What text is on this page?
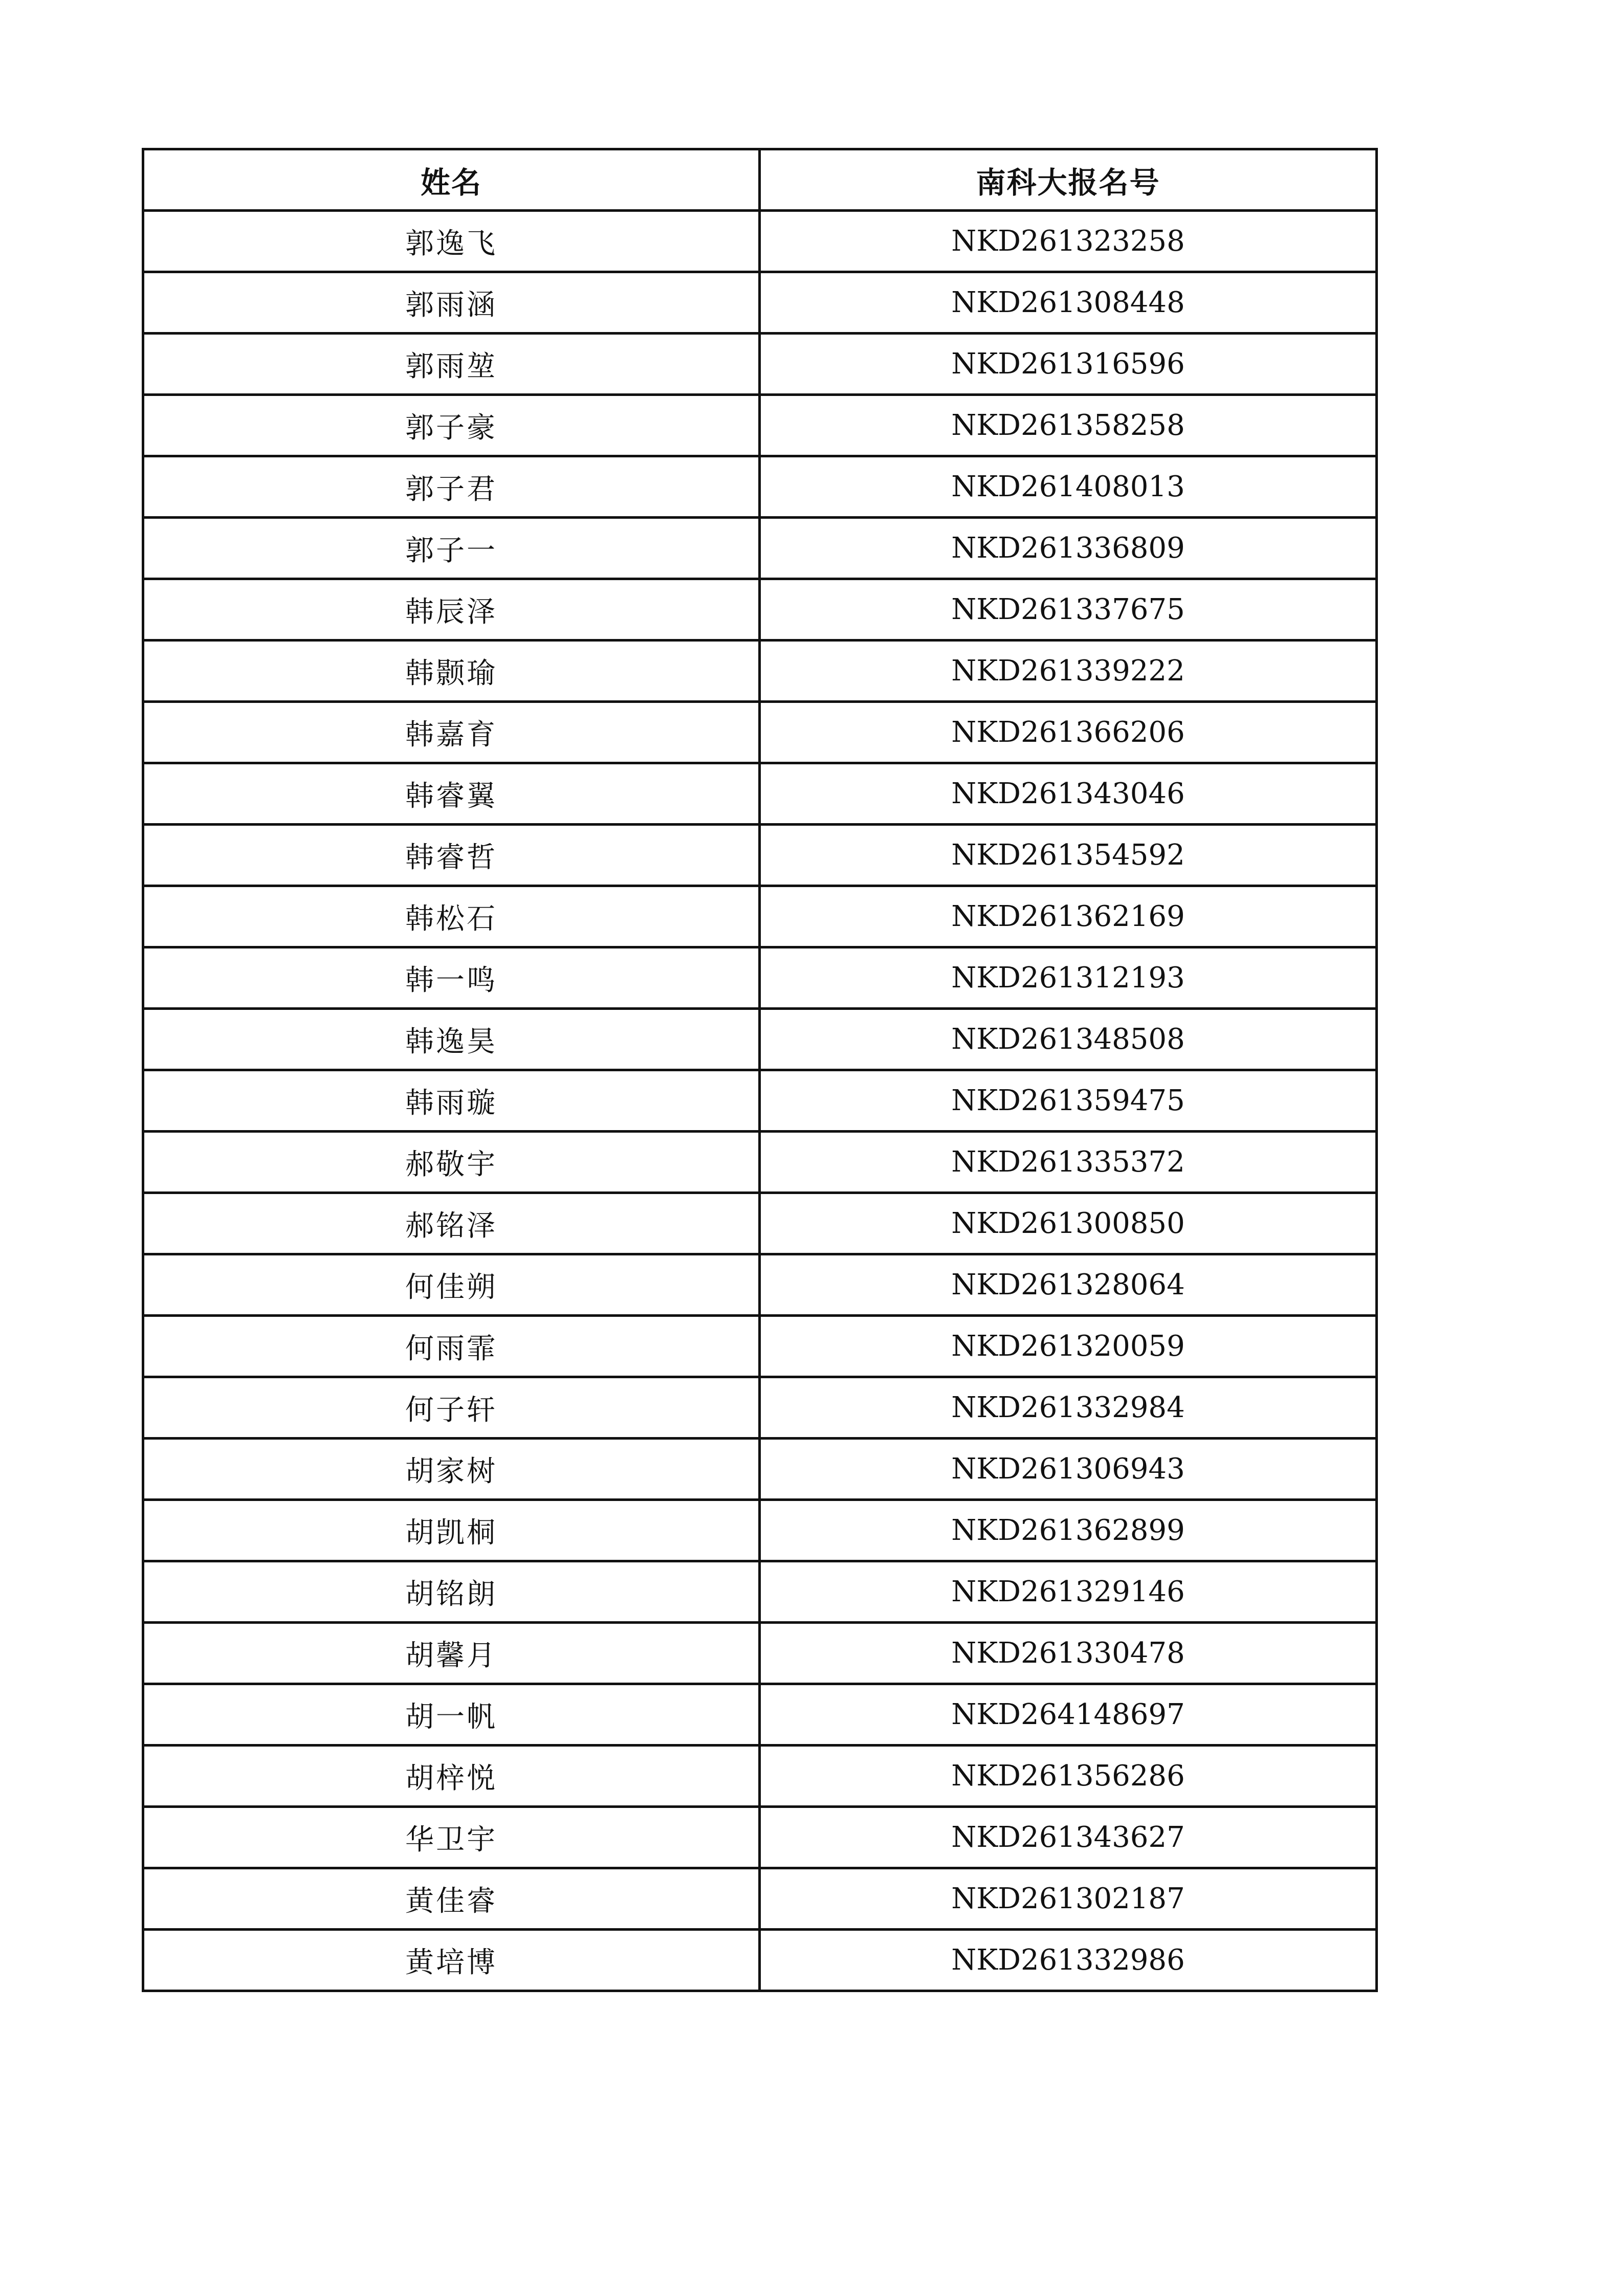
姓名	南科大报名号
郭逸飞	NKD261323258
郭雨涵	NKD261308448
郭雨堃	NKD261316596
郭子豪	NKD261358258
郭子君	NKD261408013
郭子一	NKD261336809
韩辰泽	NKD261337675
韩颢瑜	NKD261339222
韩嘉育	NKD261366206
韩睿翼	NKD261343046
韩睿哲	NKD261354592
韩松石	NKD261362169
韩一鸣	NKD261312193
韩逸昊	NKD261348508
韩雨璇	NKD261359475
郝敬宇	NKD261335372
郝铭泽	NKD261300850
何佳朔	NKD261328064
何雨霏	NKD261320059
何子轩	NKD261332984
胡家树	NKD261306943
胡凯桐	NKD261362899
胡铭朗	NKD261329146
胡馨月	NKD261330478
胡一帆	NKD264148697
胡梓悦	NKD261356286
华卫宇	NKD261343627
黄佳睿	NKD261302187
黄培博	NKD261332986
